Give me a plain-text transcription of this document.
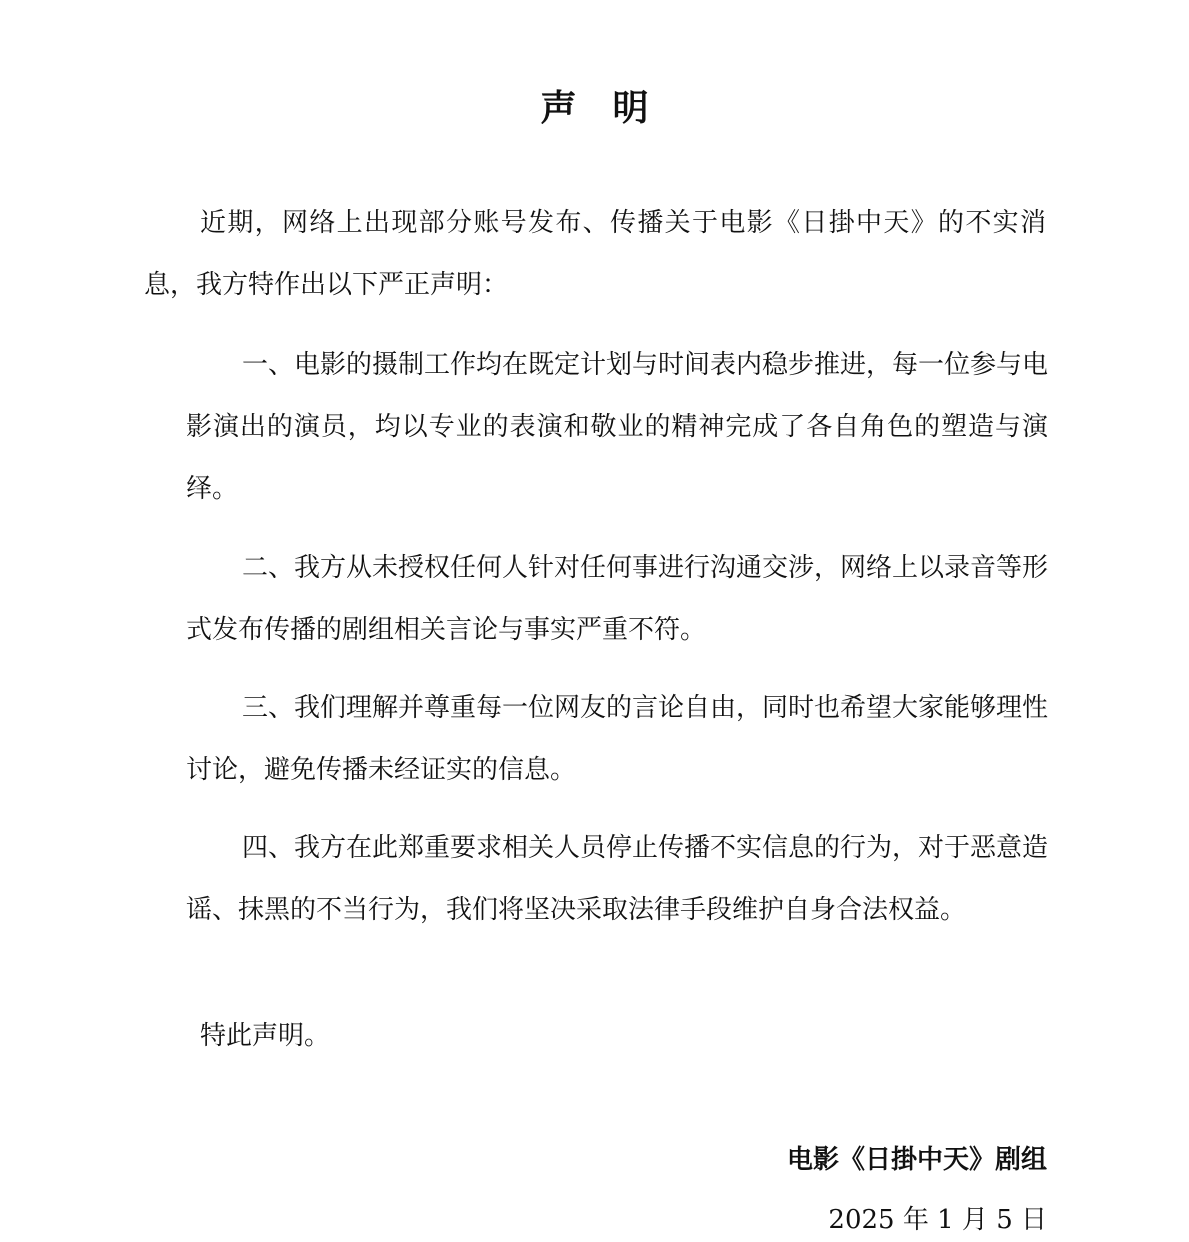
声明

近期，网络上出现部分账号发布、传播关于电影《日掛中天》的不实消息，我方特作出以下严正声明：

一、电影的摄制工作均在既定计划与时间表内稳步推进，每一位参与电影演出的演员，均以专业的表演和敬业的精神完成了各自角色的塑造与演绎。

二、我方从未授权任何人针对任何事进行沟通交涉，网络上以录音等形式发布传播的剧组相关言论与事实严重不符。

三、我们理解并尊重每一位网友的言论自由，同时也希望大家能够理性讨论，避免传播未经证实的信息。

四、我方在此郑重要求相关人员停止传播不实信息的行为，对于恶意造谣、抹黑的不当行为，我们将坚决采取法律手段维护自身合法权益。

特此声明。
电影《日掛中天》剧组
2025 年 1 月 5 日
